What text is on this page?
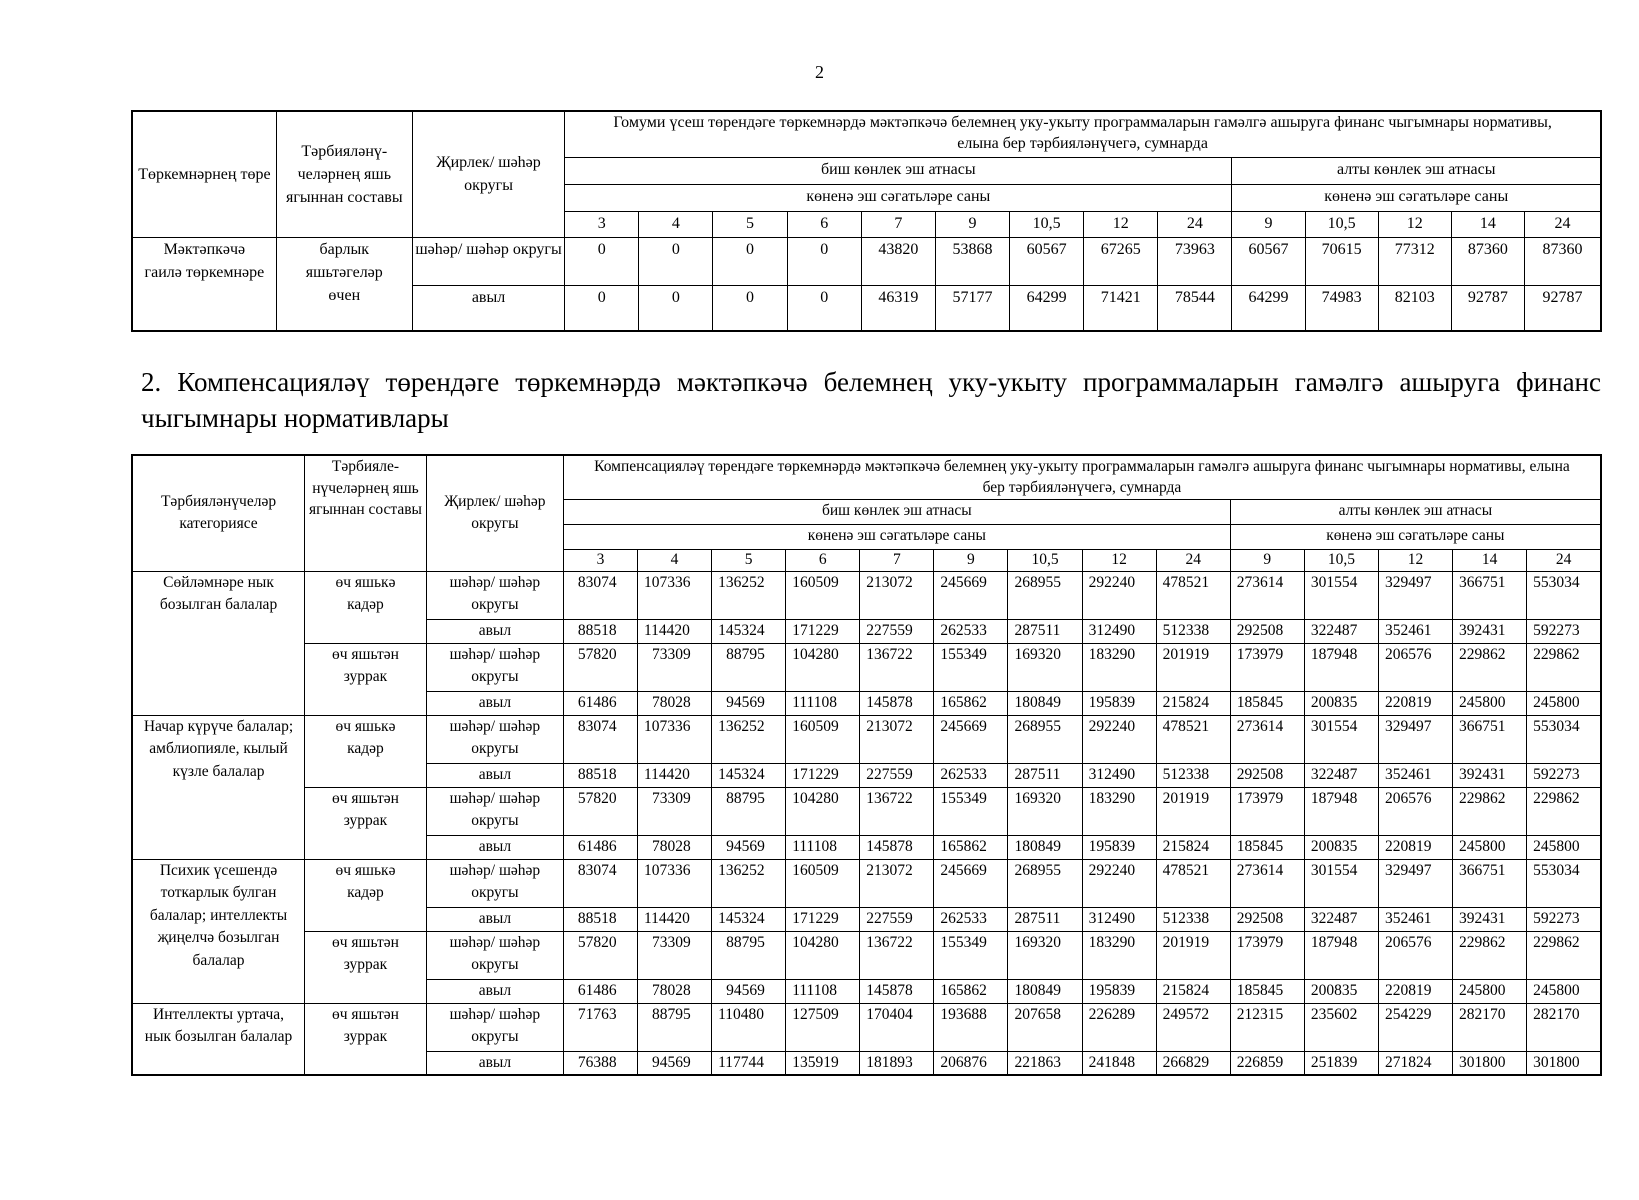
2
Төркемнәрнең төре	Тәрбияләнү-челәрнең яшь ягыннан составы	Җирлек/ шәһәр округы	Гомуми үсеш төрендәге төркемнәрдә мәктәпкәчә белемнең уку-укыту программаларын гамәлгә ашыруга финанс чыгымнары нормативы, елына бер тәрбияләнүчегә, сумнарда													
			биш көнлек эш атнасы									алты көнлек эш атнасы				
			көненә эш сәгатьләре саны									көненә эш сәгатьләре саны				
			3	4	5	6	7	9	10,5	12	24	9	10,5	12	14	24
Мәктәпкәчә гаилә төркемнәре	барлык яшьтәгеләр өчен	шәһәр/ шәһәр округы	0	0	0	0	43820	53868	60567	67265	73963	60567	70615	77312	87360	87360
		авыл	0	0	0	0	46319	57177	64299	71421	78544	64299	74983	82103	92787	92787
2. Компенсацияләү төрендәге төркемнәрдә мәктәпкәчә белемнең уку-укыту программаларын гамәлгә ашыруга финанс чыгымнары нормативлары
Тәрбияләнүчеләр категориясе	Тәрбияле-нүчеләрнең яшь ягыннан составы	Җирлек/ шәһәр округы	Компенсацияләү төрендәге төркемнәрдә мәктәпкәчә белемнең уку-укыту программаларын гамәлгә ашыруга финанс чыгымнары нормативы, елына бер тәрбияләнүчегә, сумнарда													
			биш көнлек эш атнасы									алты көнлек эш атнасы				
			көненә эш сәгатьләре саны									көненә эш сәгатьләре саны				
			3	4	5	6	7	9	10,5	12	24	9	10,5	12	14	24
Сөйләмнәре нык бозылган балалар	өч яшькә кадәр	шәһәр/ шәһәр округы	83074	107336	136252	160509	213072	245669	268955	292240	478521	273614	301554	329497	366751	553034
		авыл	88518	114420	145324	171229	227559	262533	287511	312490	512338	292508	322487	352461	392431	592273
	өч яшьтән зуррак	шәһәр/ шәһәр округы	57820	73309	88795	104280	136722	155349	169320	183290	201919	173979	187948	206576	229862	229862
		авыл	61486	78028	94569	111108	145878	165862	180849	195839	215824	185845	200835	220819	245800	245800
Начар күрүче балалар; амблиопияле, кылый күзле балалар	өч яшькә кадәр	шәһәр/ шәһәр округы	83074	107336	136252	160509	213072	245669	268955	292240	478521	273614	301554	329497	366751	553034
		авыл	88518	114420	145324	171229	227559	262533	287511	312490	512338	292508	322487	352461	392431	592273
	өч яшьтән зуррак	шәһәр/ шәһәр округы	57820	73309	88795	104280	136722	155349	169320	183290	201919	173979	187948	206576	229862	229862
		авыл	61486	78028	94569	111108	145878	165862	180849	195839	215824	185845	200835	220819	245800	245800
Психик үсешендә тоткарлык булган балалар; интеллекты җиңелчә бозылган балалар	өч яшькә кадәр	шәһәр/ шәһәр округы	83074	107336	136252	160509	213072	245669	268955	292240	478521	273614	301554	329497	366751	553034
		авыл	88518	114420	145324	171229	227559	262533	287511	312490	512338	292508	322487	352461	392431	592273
	өч яшьтән зуррак	шәһәр/ шәһәр округы	57820	73309	88795	104280	136722	155349	169320	183290	201919	173979	187948	206576	229862	229862
		авыл	61486	78028	94569	111108	145878	165862	180849	195839	215824	185845	200835	220819	245800	245800
Интеллекты уртача, нык бозылган балалар	өч яшьтән зуррак	шәһәр/ шәһәр округы	71763	88795	110480	127509	170404	193688	207658	226289	249572	212315	235602	254229	282170	282170
		авыл	76388	94569	117744	135919	181893	206876	221863	241848	266829	226859	251839	271824	301800	301800
